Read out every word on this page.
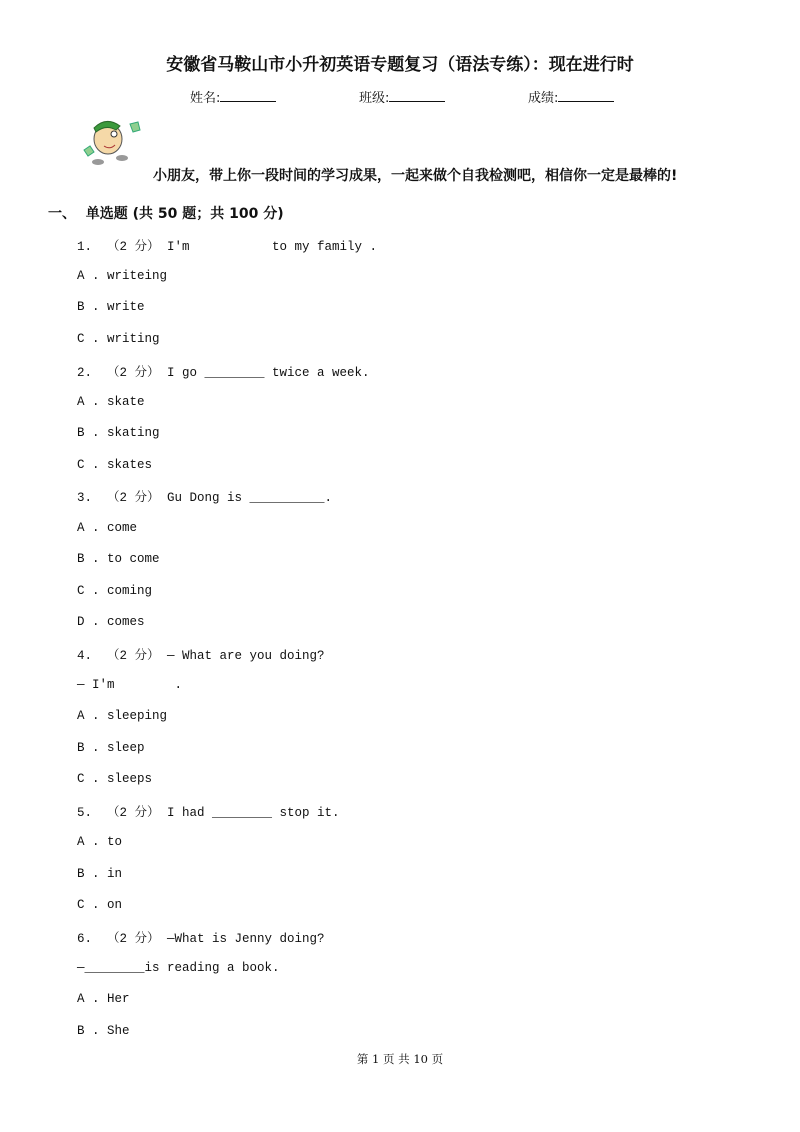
安徽省马鞍山市小升初英语专题复习（语法专练）：现在进行时
姓名:	班级:	成绩:
小朋友，带上你一段时间的学习成果，一起来做个自我检测吧，相信你一定是最棒的!
一、  单选题 (共 50 题；共 100 分)
1.  （2 分） I'm           to my family .
A . writeing
B . write
C . writing
2.  （2 分） I go ________ twice a week.
A . skate
B . skating
C . skates
3.  （2 分） Gu Dong is __________.
A . come
B . to come
C . coming
D . comes
4.  （2 分） — What are you doing?
— I'm        .
A . sleeping
B . sleep
C . sleeps
5.  （2 分） I had ________ stop it.
A . to
B . in
C . on
6.  （2 分） —What is Jenny doing?
—________is reading a book.
A . Her
B . She
第 1 页 共 10 页
